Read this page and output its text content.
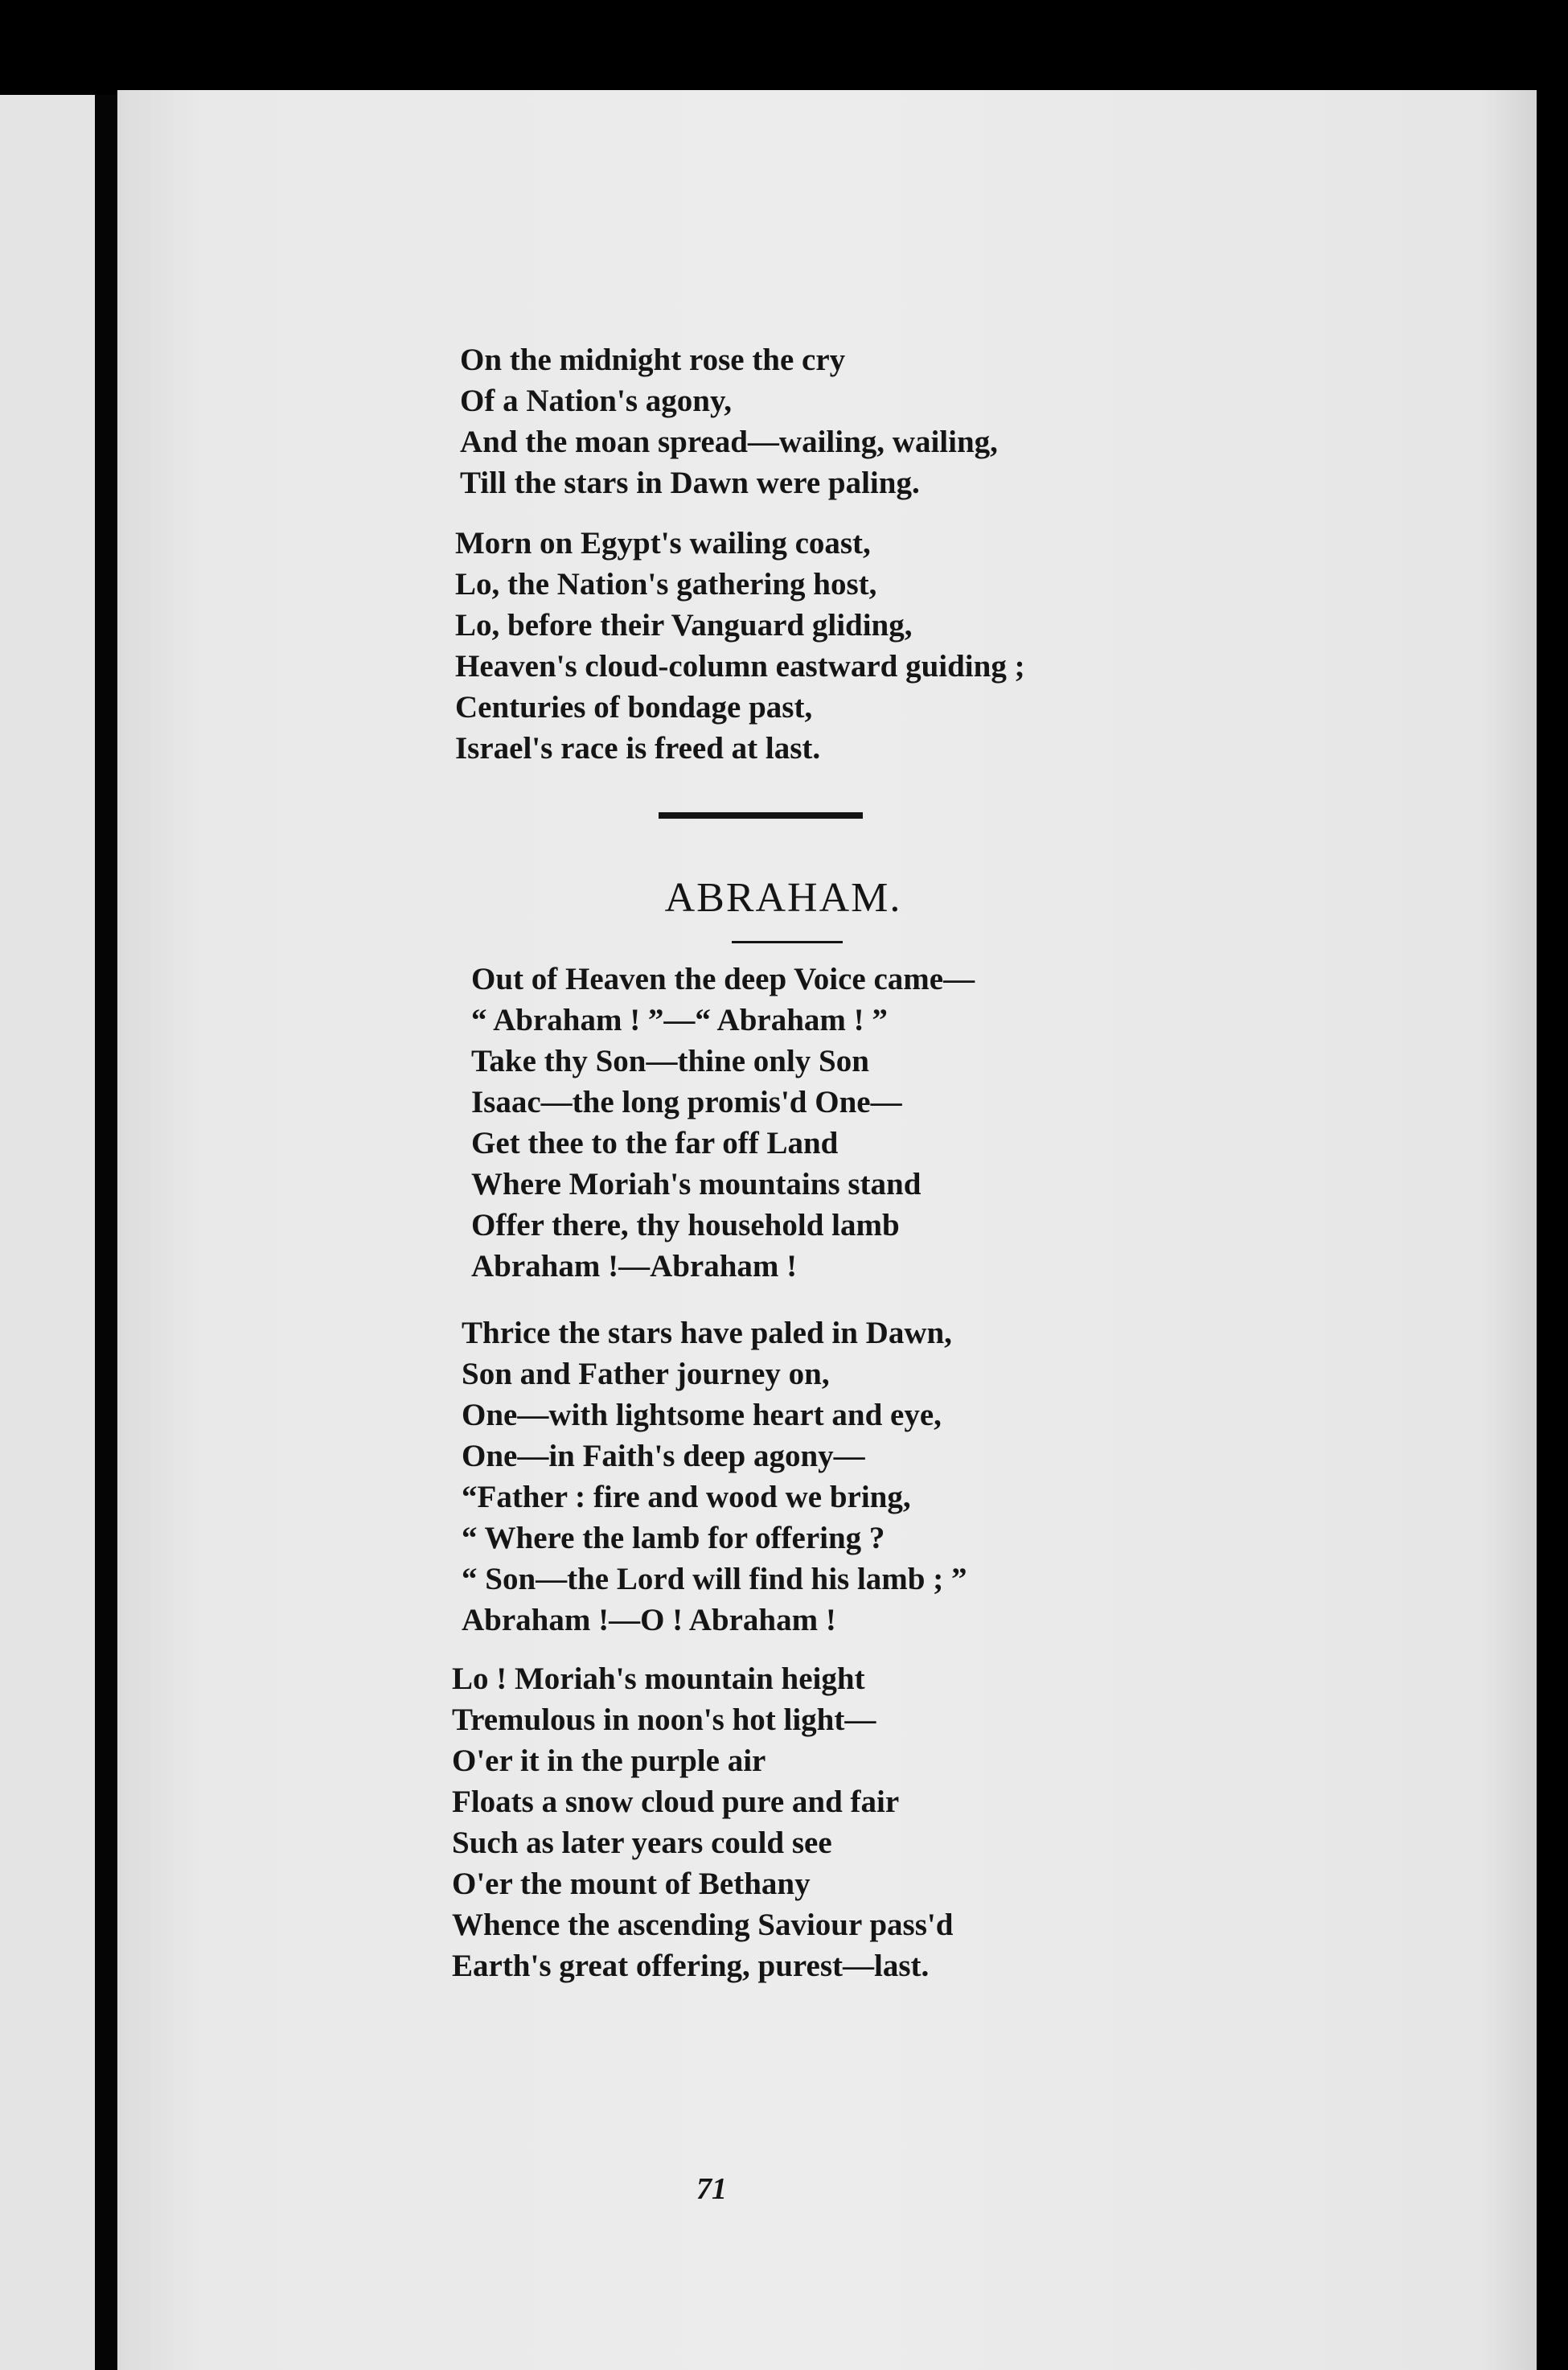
On the midnight rose the cry
Of a Nation's agony,
And the moan spread—wailing, wailing,
Till the stars in Dawn were paling.
Morn on Egypt's wailing coast,
Lo, the Nation's gathering host,
Lo, before their Vanguard gliding,
Heaven's cloud-column eastward guiding ;
Centuries of bondage past,
Israel's race is freed at last.
ABRAHAM.
Out of Heaven the deep Voice came—
“ Abraham ! ”—“ Abraham ! ”
Take thy Son—thine only Son
Isaac—the long promis'd One—
Get thee to the far off Land
Where Moriah's mountains stand
Offer there, thy household lamb
Abraham !—Abraham !
Thrice the stars have paled in Dawn,
Son and Father journey on,
One—with lightsome heart and eye,
One—in Faith's deep agony—
“Father : fire and wood we bring,
“ Where the lamb for offering ?
“ Son—the Lord will find his lamb ; ”
Abraham !—O ! Abraham !
Lo ! Moriah's mountain height
Tremulous in noon's hot light—
O'er it in the purple air
Floats a snow cloud pure and fair
Such as later years could see
O'er the mount of Bethany
Whence the ascending Saviour pass'd
Earth's great offering, purest—last.
71
